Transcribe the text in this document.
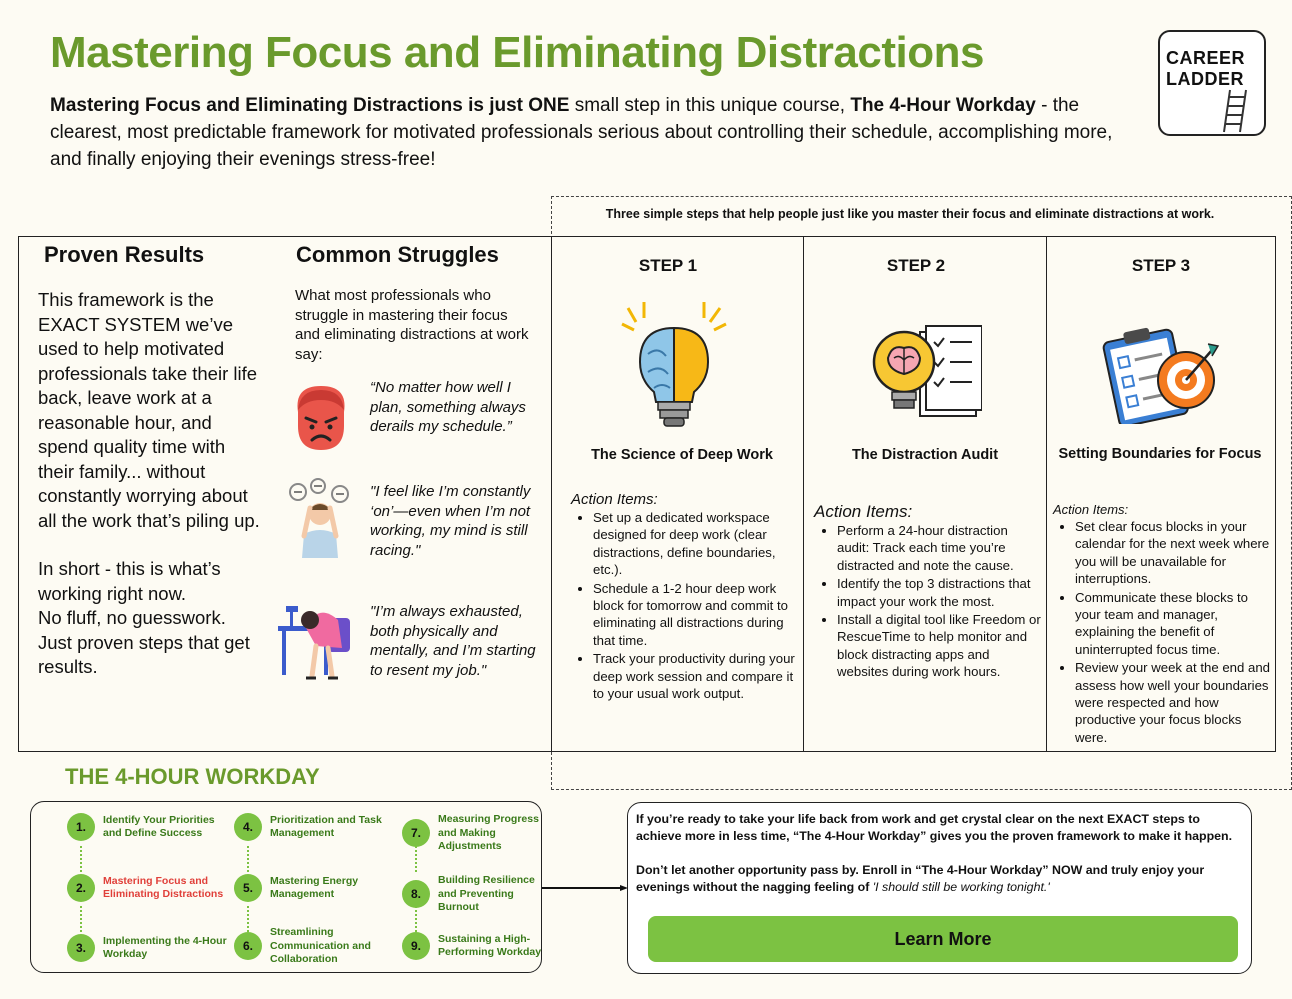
Mastering Focus and Eliminating Distractions
Mastering Focus and Eliminating Distractions is just ONE small step in this unique course, The 4-Hour Workday - the clearest, most predictable framework for motivated professionals serious about controlling their schedule, accomplishing more, and finally enjoying their evenings stress-free!
CAREER
LADDER
Three simple steps that help people just like you master their focus and eliminate distractions at work.
Proven Results
This framework is the EXACT SYSTEM we’ve used to help motivated professionals take their life back, leave work at a reasonable hour, and spend quality time with their family... without constantly worrying about all the work that’s piling up.
In short - this is what’s working right now.
No fluff, no guesswork.
Just proven steps that get results.
Common Struggles
What most professionals who struggle in mastering their focus and eliminating distractions at work say:
“No matter how well I plan, something always derails my schedule.”
"I feel like I’m constantly ‘on’—even when I’m not working, my mind is still racing."
"I’m always exhausted, both physically and mentally, and I’m starting to resent my job."
STEP 1
The Science of Deep Work
Action Items:
• Set up a dedicated workspace designed for deep work (clear distractions, define boundaries, etc.).
• Schedule a 1-2 hour deep work block for tomorrow and commit to eliminating all distractions during that time.
• Track your productivity during your deep work session and compare it to your usual work output.
STEP 2
The Distraction Audit
Action Items:
• Perform a 24-hour distraction audit: Track each time you’re distracted and note the cause.
• Identify the top 3 distractions that impact your work the most.
• Install a digital tool like Freedom or RescueTime to help monitor and block distracting apps and websites during work hours.
STEP 3
Setting Boundaries for Focus
Action Items:
• Set clear focus blocks in your calendar for the next week where you will be unavailable for interruptions.
• Communicate these blocks to your team and manager, explaining the benefit of uninterrupted focus time.
• Review your week at the end and assess how well your boundaries were respected and how productive your focus blocks were.
THE 4-HOUR WORKDAY
1.
Identify Your Priorities and Define Success
2.
Mastering Focus and Eliminating Distractions
3.
Implementing the 4-Hour Workday
4.
Prioritization and Task Management
5.
Mastering Energy Management
6.
Streamlining Communication and Collaboration
7.
Measuring Progress and Making Adjustments
8.
Building Resilience and Preventing Burnout
9.
Sustaining a High-Performing Workday
If you’re ready to take your life back from work and get crystal clear on the next EXACT steps to achieve more in less time, “The 4-Hour Workday” gives you the proven framework to make it happen.
Don’t let another opportunity pass by. Enroll in “The 4-Hour Workday” NOW and truly enjoy your evenings without the nagging feeling of 'I should still be working tonight.'
Learn More
